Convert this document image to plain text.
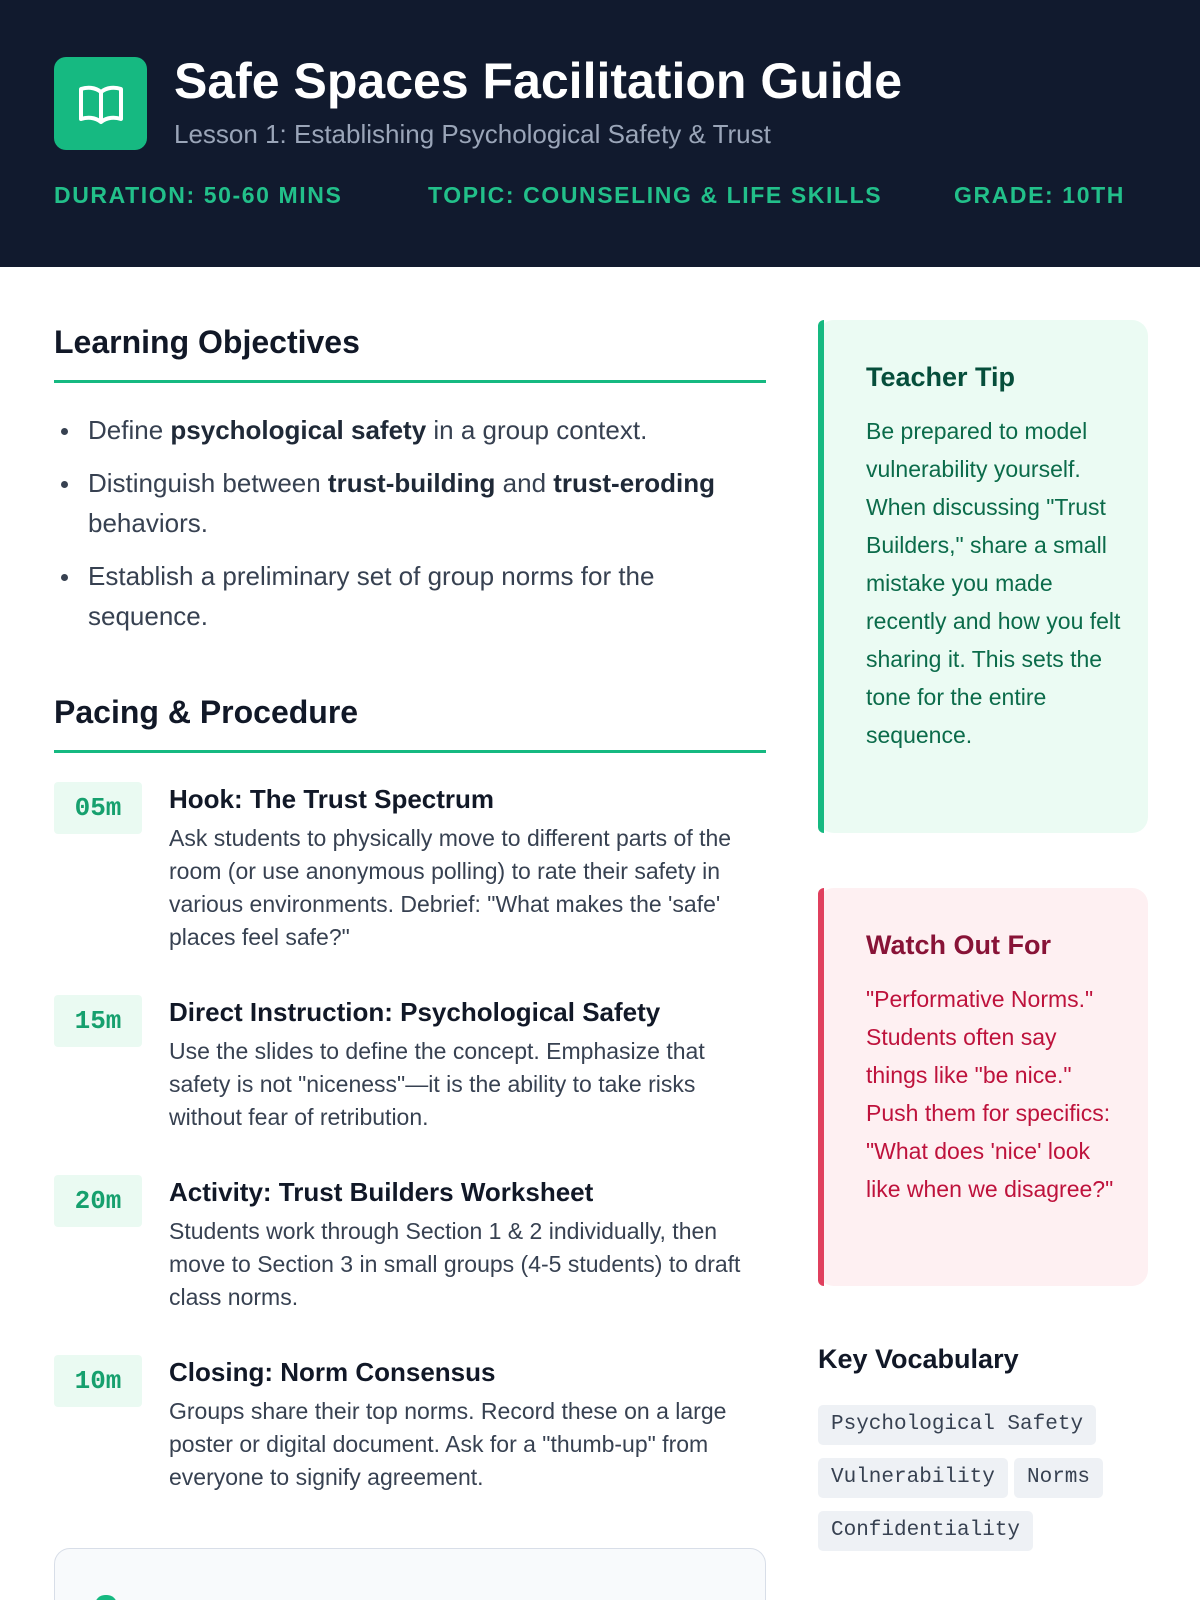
Safe Spaces Facilitation Guide
Lesson 1: Establishing Psychological Safety & Trust
DURATION: 50-60 MINS	TOPIC: COUNSELING & LIFE SKILLS	GRADE: 10TH
Learning Objectives
Define psychological safety in a group context.
Distinguish between trust-building and trust-eroding behaviors.
Establish a preliminary set of group norms for the sequence.
Pacing & Procedure
05m	Hook: The Trust Spectrum
Ask students to physically move to different parts of the room (or use anonymous polling) to rate their safety in various environments. Debrief: "What makes the 'safe' places feel safe?"
15m	Direct Instruction: Psychological Safety
Use the slides to define the concept. Emphasize that safety is not "niceness"—it is the ability to take risks without fear of retribution.
20m	Activity: Trust Builders Worksheet
Students work through Section 1 & 2 individually, then move to Section 3 in small groups (4-5 students) to draft class norms.
10m	Closing: Norm Consensus
Groups share their top norms. Record these on a large poster or digital document. Ask for a "thumb-up" from everyone to signify agreement.
Teacher Tip
Be prepared to model vulnerability yourself. When discussing "Trust Builders," share a small mistake you made recently and how you felt sharing it. This sets the tone for the entire sequence.
Watch Out For
"Performative Norms." Students often say things like "be nice." Push them for specifics: "What does 'nice' look like when we disagree?"
Key Vocabulary
Psychological Safety
Vulnerability	Norms
Confidentiality
